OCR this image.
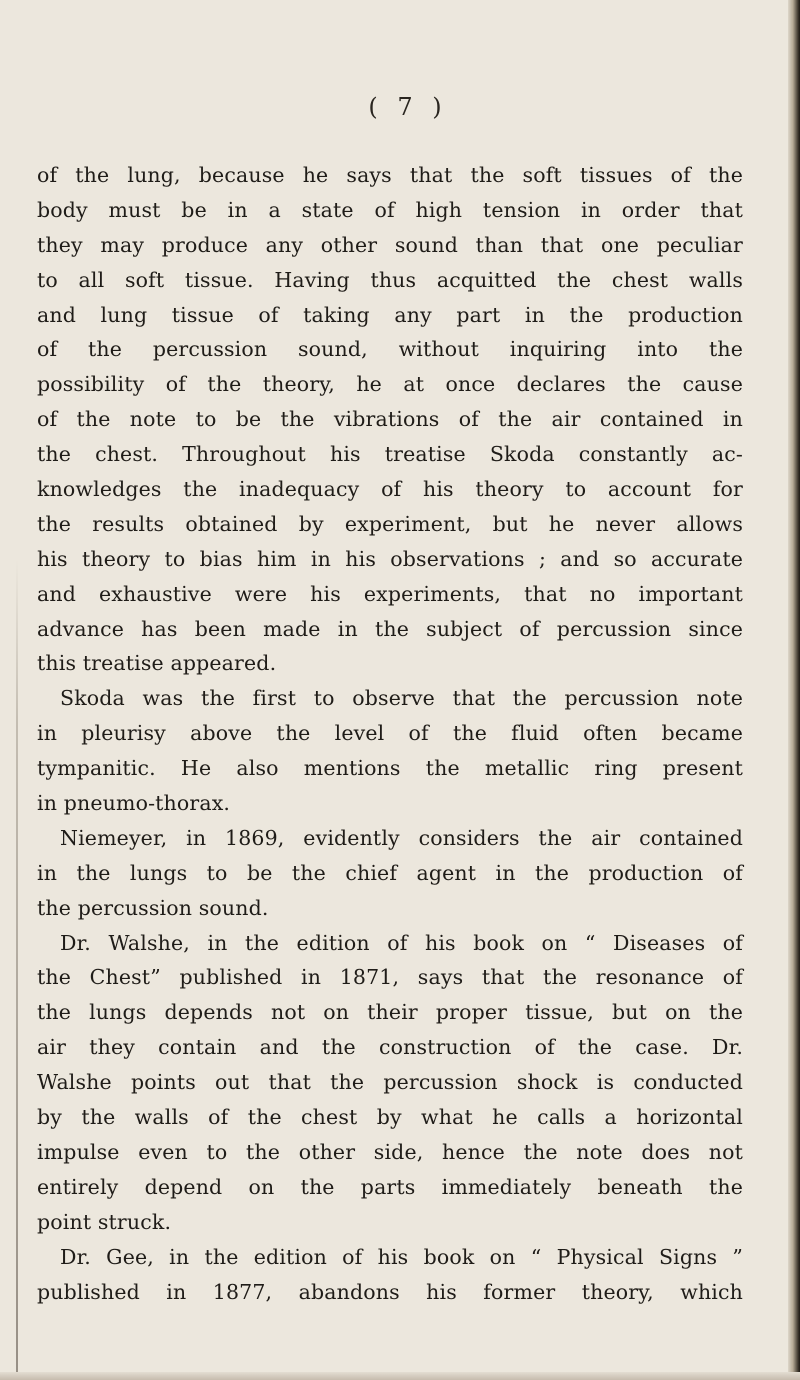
( 7 )
of the lung, because he says that the soft tissues of the
body must be in a state of high tension in order that
they may produce any other sound than that one peculiar
to all soft tissue. Having thus acquitted the chest walls
and lung tissue of taking any part in the production
of the percussion sound, without inquiring into the
possibility of the theory, he at once declares the cause
of the note to be the vibrations of the air contained in
the chest. Throughout his treatise Skoda constantly ac-
knowledges the inadequacy of his theory to account for
the results obtained by experiment, but he never allows
his theory to bias him in his observations ; and so accurate
and exhaustive were his experiments, that no important
advance has been made in the subject of percussion since
this treatise appeared.
Skoda was the first to observe that the percussion note
in pleurisy above the level of the fluid often became
tympanitic. He also mentions the metallic ring present
in pneumo-thorax.
Niemeyer, in 1869, evidently considers the air contained
in the lungs to be the chief agent in the production of
the percussion sound.
Dr. Walshe, in the edition of his book on “ Diseases of
the Chest” published in 1871, says that the resonance of
the lungs depends not on their proper tissue, but on the
air they contain and the construction of the case. Dr.
Walshe points out that the percussion shock is conducted
by the walls of the chest by what he calls a horizontal
impulse even to the other side, hence the note does not
entirely depend on the parts immediately beneath the
point struck.
Dr. Gee, in the edition of his book on “ Physical Signs ”
published in 1877, abandons his former theory, which
